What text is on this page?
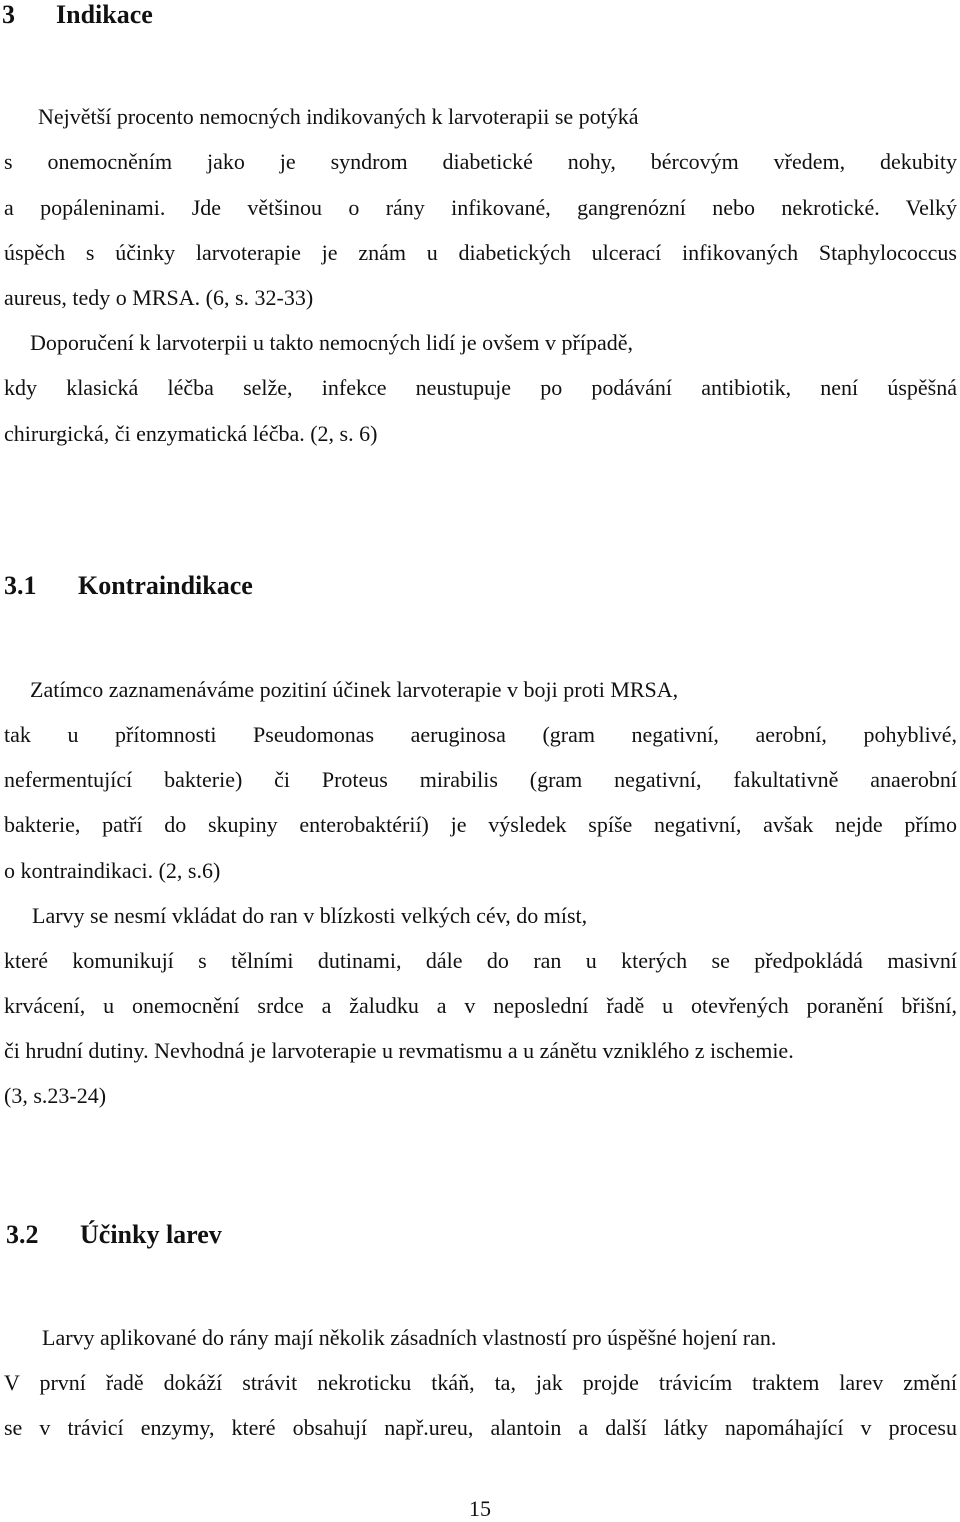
3 Indikace
Největší procento nemocných indikovaných k larvoterapii se potýká
s onemocněním jako je syndrom diabetické nohy, bércovým vředem, dekubity
a popáleninami. Jde většinou o rány infikované, gangrenózní nebo nekrotické. Velký
úspěch s účinky larvoterapie je znám u diabetických ulcerací infikovaných Staphylococcus
aureus, tedy o MRSA. (6, s. 32-33)
Doporučení k larvoterpii u takto nemocných lidí je ovšem v případě,
kdy klasická léčba selže, infekce neustupuje po podávání antibiotik, není úspěšná
chirurgická, či enzymatická léčba. (2, s. 6)
3.1 Kontraindikace
Zatímco zaznamenáváme pozitiní účinek larvoterapie v boji proti MRSA,
tak u přítomnosti Pseudomonas aeruginosa (gram negativní, aerobní, pohyblivé,
nefermentující bakterie) či Proteus mirabilis (gram negativní, fakultativně anaerobní
bakterie, patří do skupiny enterobaktérií) je výsledek spíše negativní, avšak nejde přímo
o kontraindikaci. (2, s.6)
Larvy se nesmí vkládat do ran v blízkosti velkých cév, do míst,
které komunikují s tělními dutinami, dále do ran u kterých se předpokládá masivní
krvácení, u onemocnění srdce a žaludku a v neposlední řadě u otevřených poranění břišní,
či hrudní dutiny. Nevhodná je larvoterapie u revmatismu a u zánětu vzniklého z ischemie.
(3, s.23-24)
3.2 Účinky larev
Larvy aplikované do rány mají několik zásadních vlastností pro úspěšné hojení ran.
V první řadě dokáží strávit nekroticku tkáň, ta, jak projde trávicím traktem larev změní
se v trávicí enzymy, které obsahují např.ureu, alantoin a další látky napomáhající v procesu
15
